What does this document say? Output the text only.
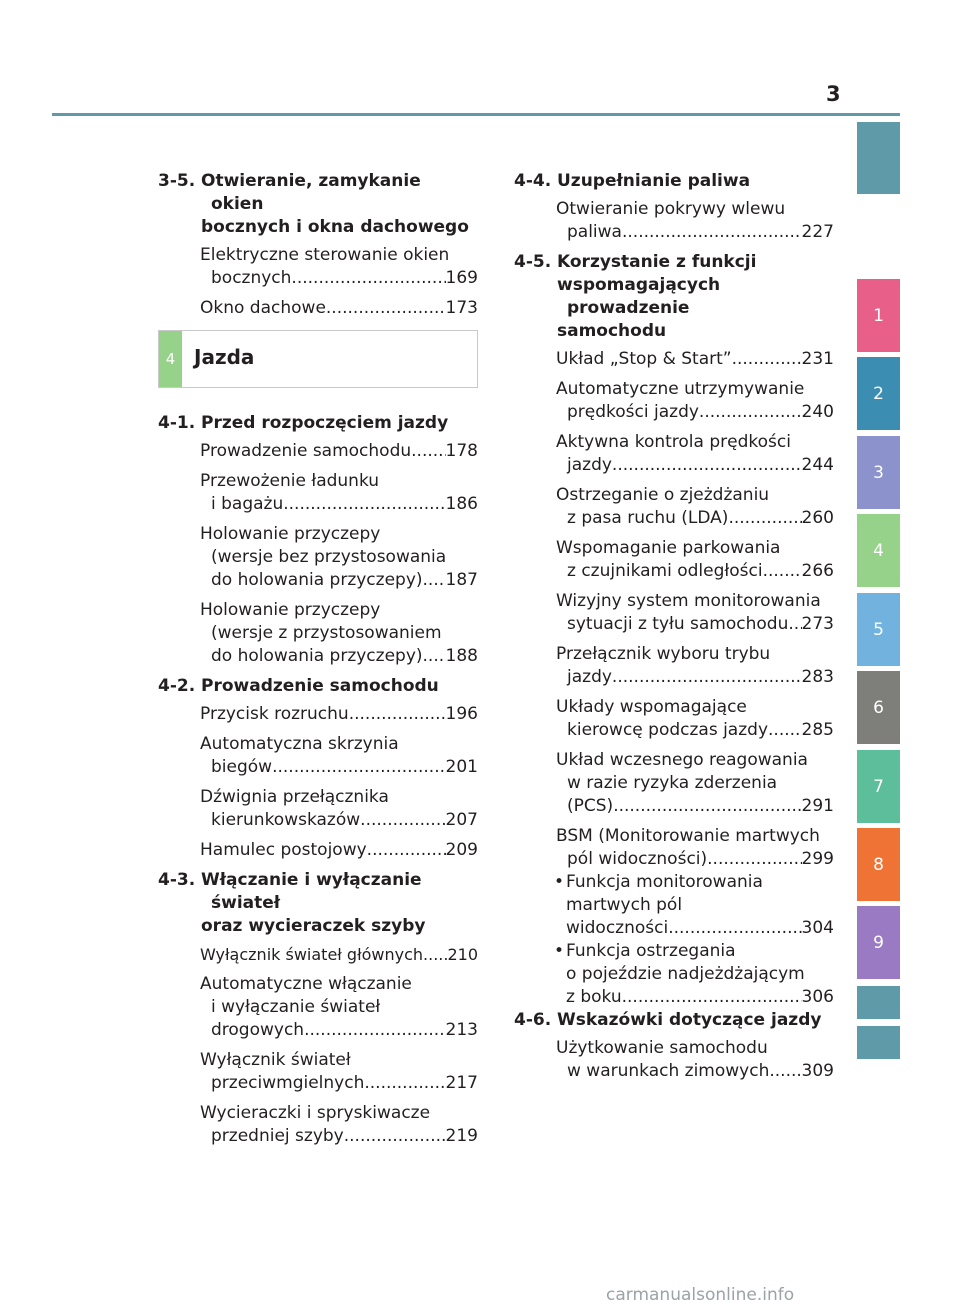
3
1
2
3
4
5
6
7
8
9
3-5. Otwieranie, zamykanie okien
bocznych i okna dachowego
Elektryczne sterowanie okien
bocznych .....	169
Okno dachowe .....	173
4 Jazda
4-1. Przed rozpoczęciem jazdy
Prowadzenie samochodu ..... 178
Przewożenie ładunku
i bagażu .....	186
Holowanie przyczepy
(wersje bez przystosowania
do holowania przyczepy) ..... 187
Holowanie przyczepy
(wersje z przystosowaniem
do holowania przyczepy) ..... 188
4-2. Prowadzenie samochodu
Przycisk rozruchu .....	196
Automatyczna skrzynia
biegów .....	201
Dźwignia przełącznika
kierunkowskazów .....	207
Hamulec postojowy .....	209
4-3. Włączanie i wyłączanie świateł
oraz wycieraczek szyby
Wyłącznik świateł głównych ..... 210
Automatyczne włączanie
i wyłączanie świateł
drogowych .....	213
Wyłącznik świateł
przeciwmgielnych .....	217
Wycieraczki i spryskiwacze
przedniej szyby .....	219
4-4. Uzupełnianie paliwa
Otwieranie pokrywy wlewu
paliwa .....	227
4-5. Korzystanie z funkcji
wspomagających prowadzenie
samochodu
Układ „Stop & Start” .....	231
Automatyczne utrzymywanie
prędkości jazdy .....	240
Aktywna kontrola prędkości
jazdy .....	244
Ostrzeganie o zjeżdżaniu
z pasa ruchu (LDA) .....	260
Wspomaganie parkowania
z czujnikami odległości ..... 266
Wizyjny system monitorowania
sytuacji z tyłu samochodu ..... 273
Przełącznik wyboru trybu
jazdy .....	283
Układy wspomagające
kierowcę podczas jazdy ..... 285
Układ wczesnego reagowania
w razie ryzyka zderzenia
(PCS) .....	291
BSM (Monitorowanie martwych
pól widoczności) .....	299
• Funkcja monitorowania
martwych pól
widoczności .....	304
• Funkcja ostrzegania
o pojeździe nadjeżdżającym
z boku .....	306
4-6. Wskazówki dotyczące jazdy
Użytkowanie samochodu
w warunkach zimowych ..... 309
carmanualsonline.info
